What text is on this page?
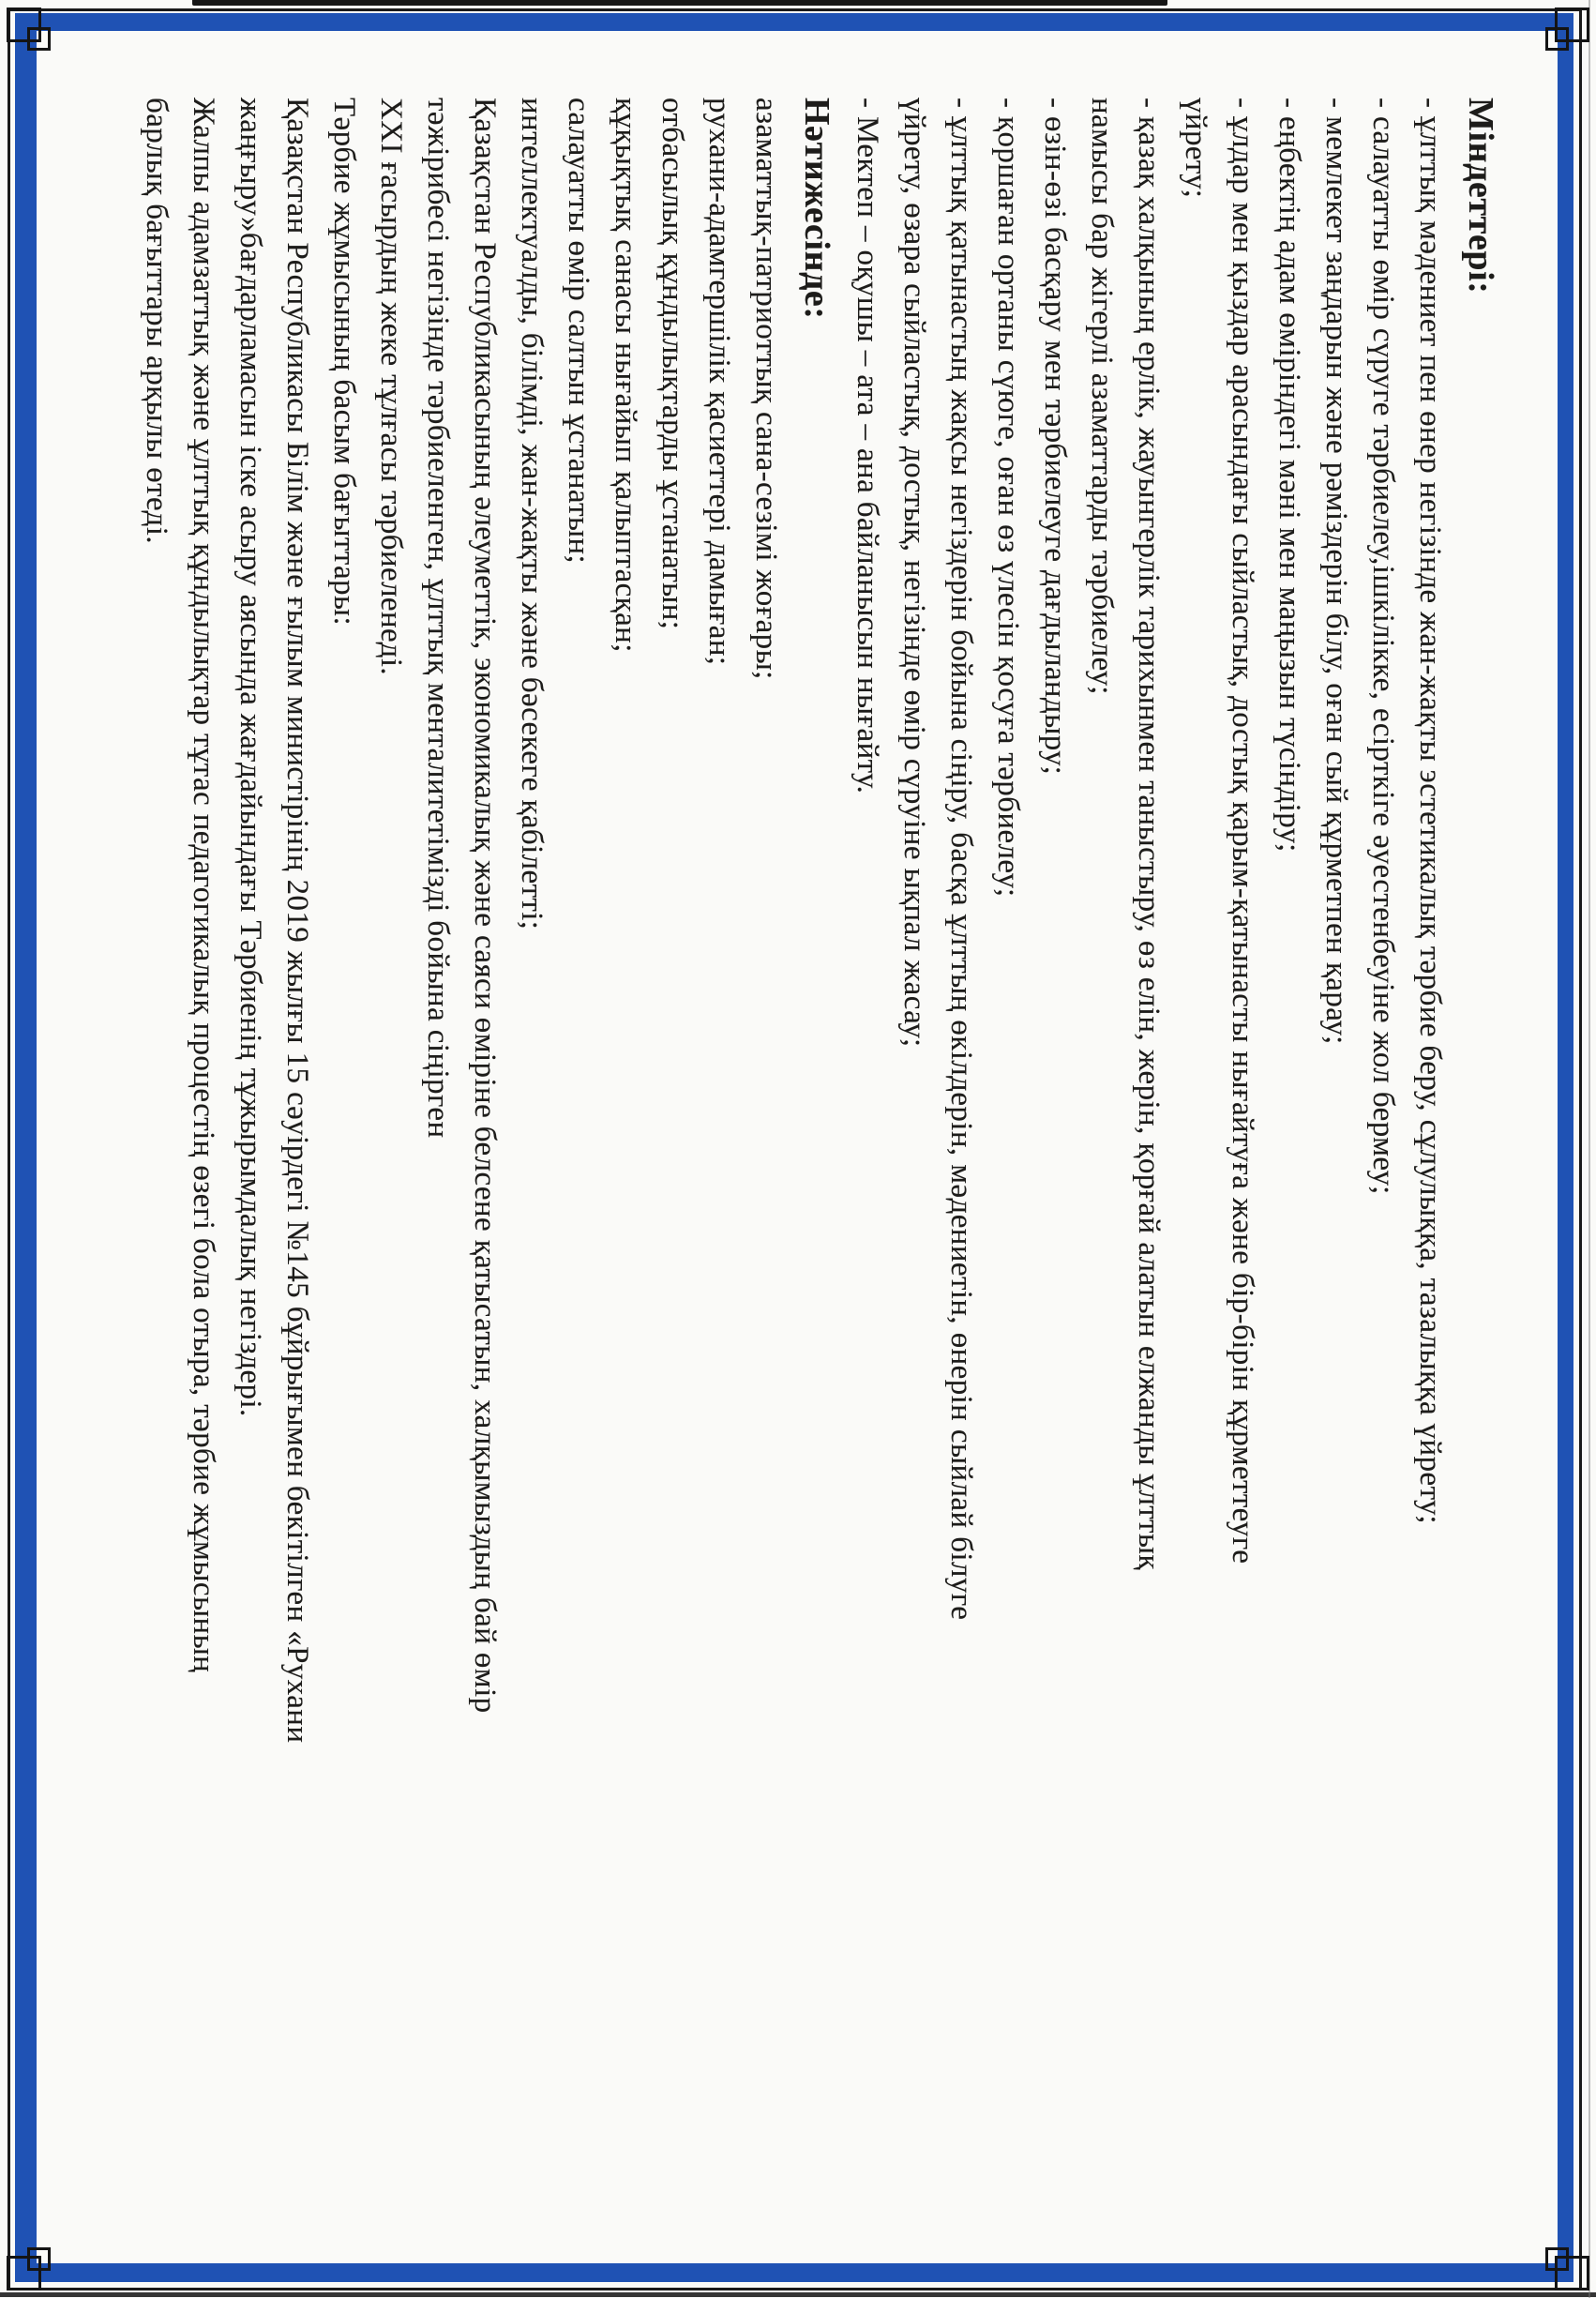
Міндеттері:
- ұлттық мәдениет пен өнер негізінде жан-жақты эстетикалық тәрбие беру, сұлулыққа, тазалыққа үйрету;
- салауатты өмір сүруге тәрбиелеу,ішкілікке, есірткіге әуестенбеуіне жол бермеу;
- мемлекет заңдарын және рәміздерін білу, оған сый құрметпен қарау;
- еңбектің адам өміріндегі мәні мен маңызын түсіндіру;
- ұлдар мен қыздар арасындағы сыйластық, достық қарым-қатынасты нығайтуға және бір-бірін құрметтеуге
үйрету;
- қазақ халқының ерлік, жауынгерлік тарихынмен таныстыру, өз елін, жерін, қорғай алатын елжанды ұлттық
намысы бар жігерлі азаматтарды тәрбиелеу;
- өзін-өзі басқару мен тәрбиелеуге дағдыландыру;
- қоршаған ортаны сүюге, оған өз үлесін қосуға тәрбиелеу;
- ұлттық қатынастың жақсы негіздерін бойына сіңіру, басқа ұлттың өкілдерін, мәдениетін, өнерін сыйлай білуге
үйрету, өзара сыйластық, достық, негізінде өмір сүруіне ықпал жасау;
- Мектеп – оқушы – ата – ана байланысын нығайту.
Нәтижесінде:
азаматтық-патриоттық сана-сезімі жоғары;
рухани-адамгершілік қасиеттері дамыған;
отбасылық құндылықтарды ұстанатын;
құқықтық санасы нығайып қалыптасқан;
салауатты өмір салтын ұстанатын;
интеллектуалды, білімді, жан-жақты және бәсекеге қабілетті;
Қазақстан Республикасының әлеуметтік, экономикалық және саяси өміріне белсене қатысатын, халқымыздың бай өмір
тәжірибесі негізінде тәрбиеленген, ұлттық менталитетімізді бойына сіңірген
XXI ғасырдың жеке тұлғасы тәрбиеленеді.
Тәрбие жұмысының басым бағыттары:
Қазақстан Республикасы Білім және ғылым министірінің 2019 жылғы 15 сәуірдегі №145 бұйрығымен бекітілген «Рухани
жаңғыру»бағдарламасын іске асыру аясында жағдайындағы Тәрбиенің тұжырымдалық негіздері.
Жалпы адамзаттық және ұлттық құндылықтар тұтас педагогикалық процестің өзегі бола отыра, тәрбие жұмысының
барлық бағыттары арқылы өтеді.
